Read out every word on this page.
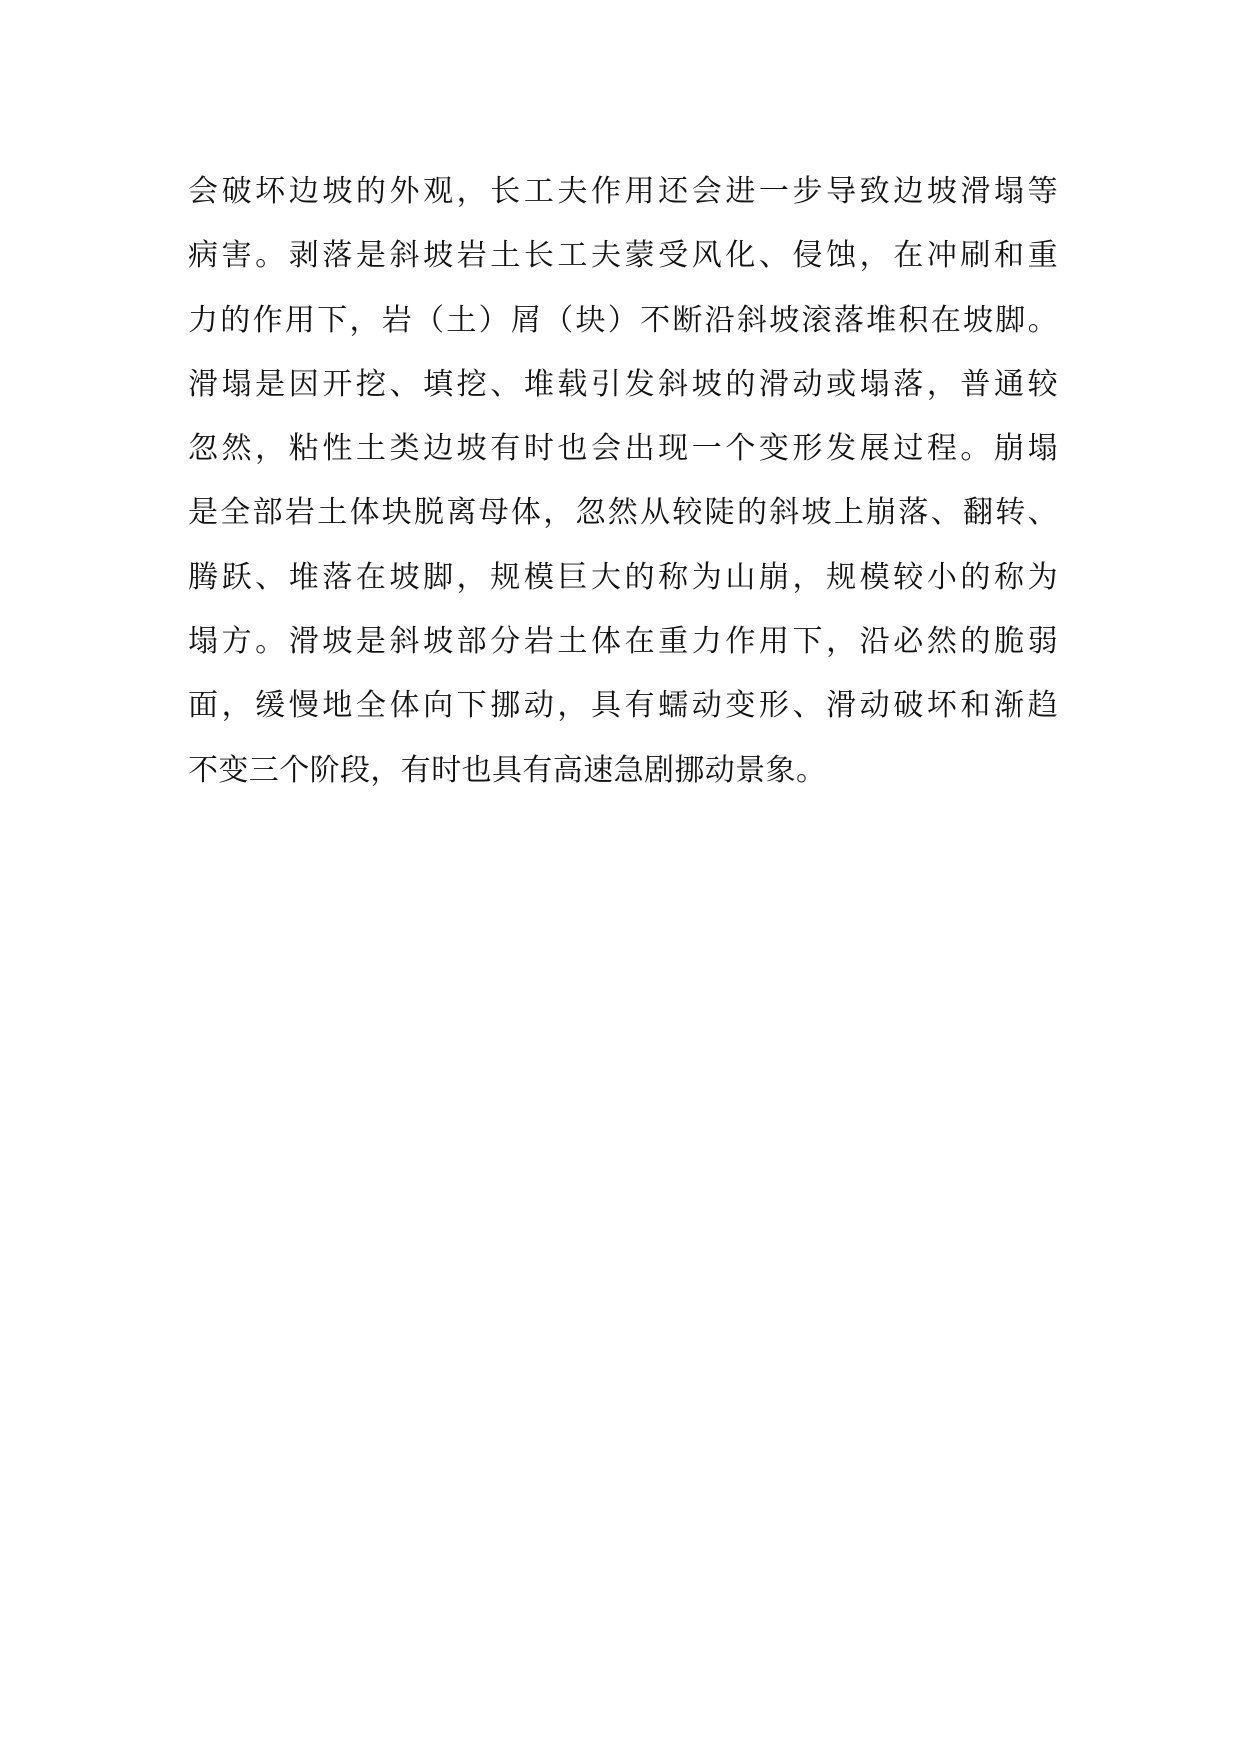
会破坏边坡的外观，长工夫作用还会进一步导致边坡滑塌等
病害。剥落是斜坡岩土长工夫蒙受风化、侵蚀，在冲刷和重
力的作用下，岩（土）屑（块）不断沿斜坡滚落堆积在坡脚。
滑塌是因开挖、填挖、堆载引发斜坡的滑动或塌落，普通较
忽然，粘性土类边坡有时也会出现一个变形发展过程。崩塌
是全部岩土体块脱离母体，忽然从较陡的斜坡上崩落、翻转、
腾跃、堆落在坡脚，规模巨大的称为山崩，规模较小的称为
塌方。滑坡是斜坡部分岩土体在重力作用下，沿必然的脆弱
面，缓慢地全体向下挪动，具有蠕动变形、滑动破坏和渐趋
不变三个阶段，有时也具有高速急剧挪动景象。
